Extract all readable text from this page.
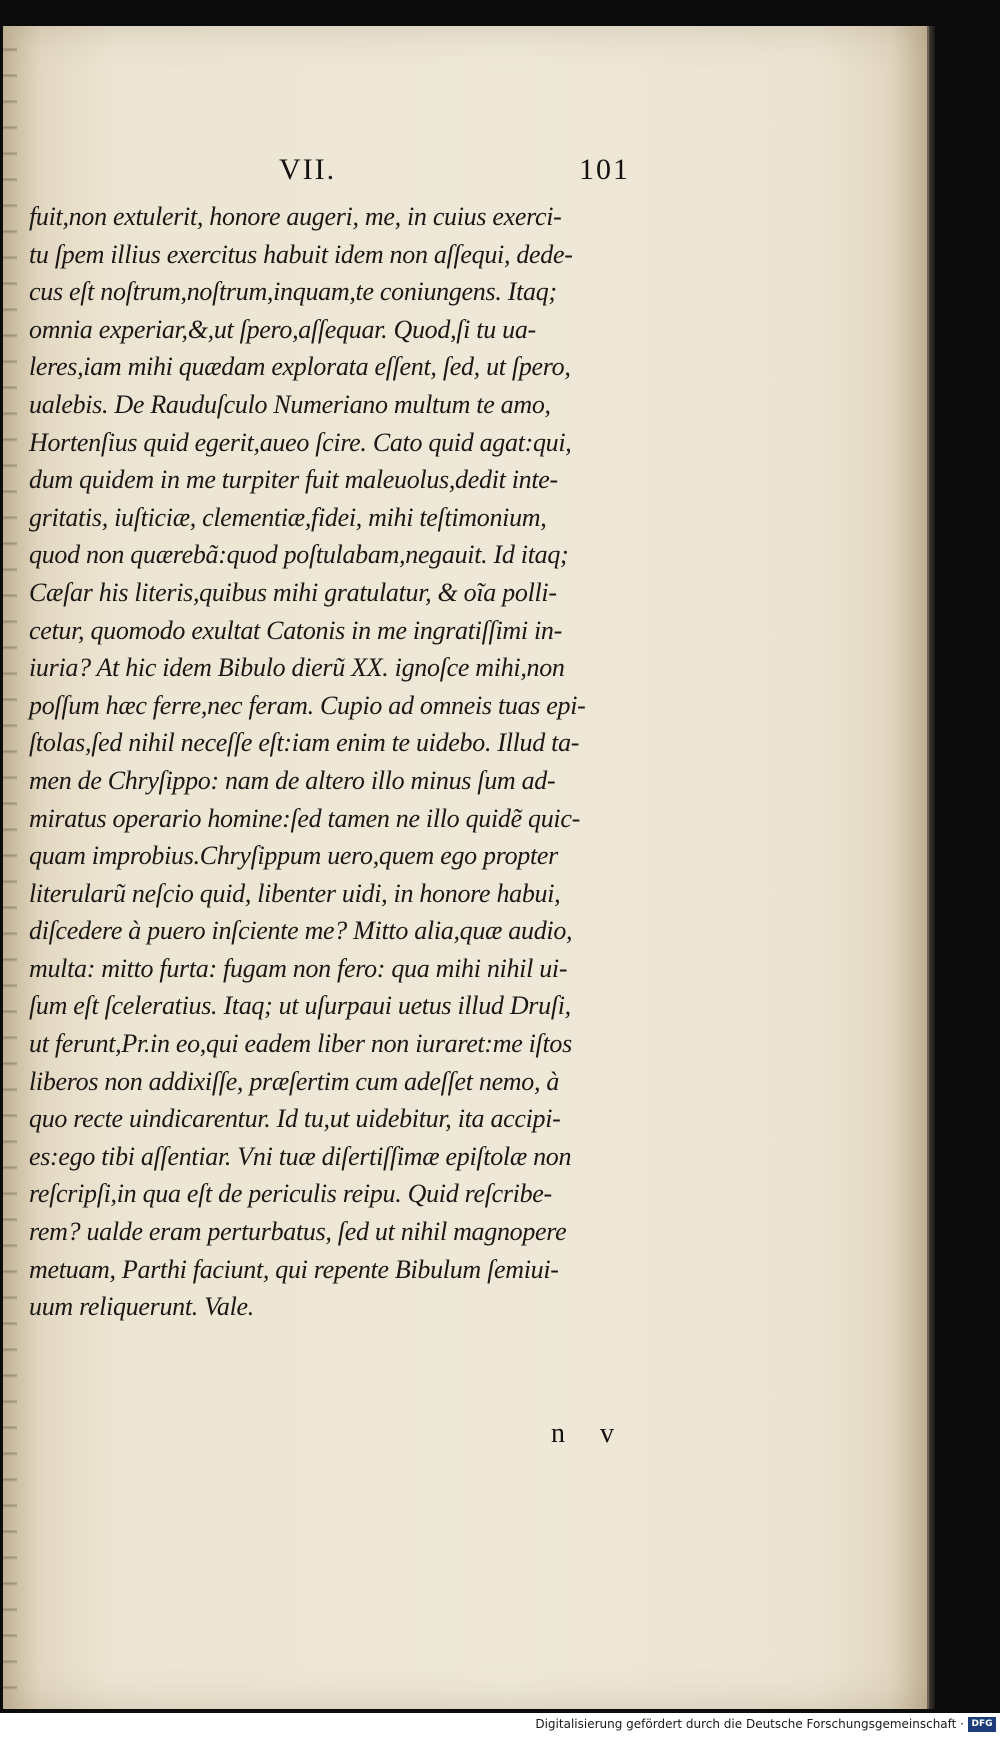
VII.	101
fuit,non extulerit, honore augeri, me, in cuius exerci-
tu ſpem illius exercitus habuit idem non aſſequi, dede-
cus eſt noſtrum,noſtrum,inquam,te coniungens. Itaq;
omnia experiar,&,ut ſpero,aſſequar. Quod,ſi tu ua-
leres,iam mihi quædam explorata eſſent, ſed, ut ſpero,
ualebis. De Rauduſculo Numeriano multum te amo,
Hortenſius quid egerit,aueo ſcire. Cato quid agat:qui,
dum quidem in me turpiter fuit maleuolus,dedit inte-
gritatis, iuſticiæ, clementiæ,fidei, mihi teſtimonium,
quod non quærebã:quod poſtulabam,negauit. Id itaq;
Cæſar his literis,quibus mihi gratulatur, & oĩa polli-
cetur, quomodo exultat Catonis in me ingratiſſimi in-
iuria? At hic idem Bibulo dierũ XX. ignoſce mihi,non
poſſum hæc ferre,nec feram. Cupio ad omneis tuas epi-
ſtolas,ſed nihil neceſſe eſt:iam enim te uidebo. Illud ta-
men de Chryſippo: nam de altero illo minus ſum ad-
miratus operario homine:ſed tamen ne illo quidẽ quic-
quam improbius.Chryſippum uero,quem ego propter
literularũ neſcio quid, libenter uidi, in honore habui,
diſcedere à puero inſciente me? Mitto alia,quæ audio,
multa: mitto furta: fugam non fero: qua mihi nihil ui-
ſum eſt ſceleratius. Itaq; ut uſurpaui uetus illud Druſi,
ut ferunt,Pr.in eo,qui eadem liber non iuraret:me iſtos
liberos non addixiſſe, præſertim cum adeſſet nemo, à
quo recte uindicarentur. Id tu,ut uidebitur, ita accipi-
es:ego tibi aſſentiar. Vni tuæ diſertiſſimæ epiſtolæ non
reſcripſi,in qua eſt de periculis reipu. Quid reſcribe-
rem? ualde eram perturbatus, ſed ut nihil magnopere
metuam, Parthi faciunt, qui repente Bibulum ſemiui-
uum reliquerunt. Vale.
n v
Digitalisierung gefördert durch die Deutsche Forschungsgemeinschaft · DFG
